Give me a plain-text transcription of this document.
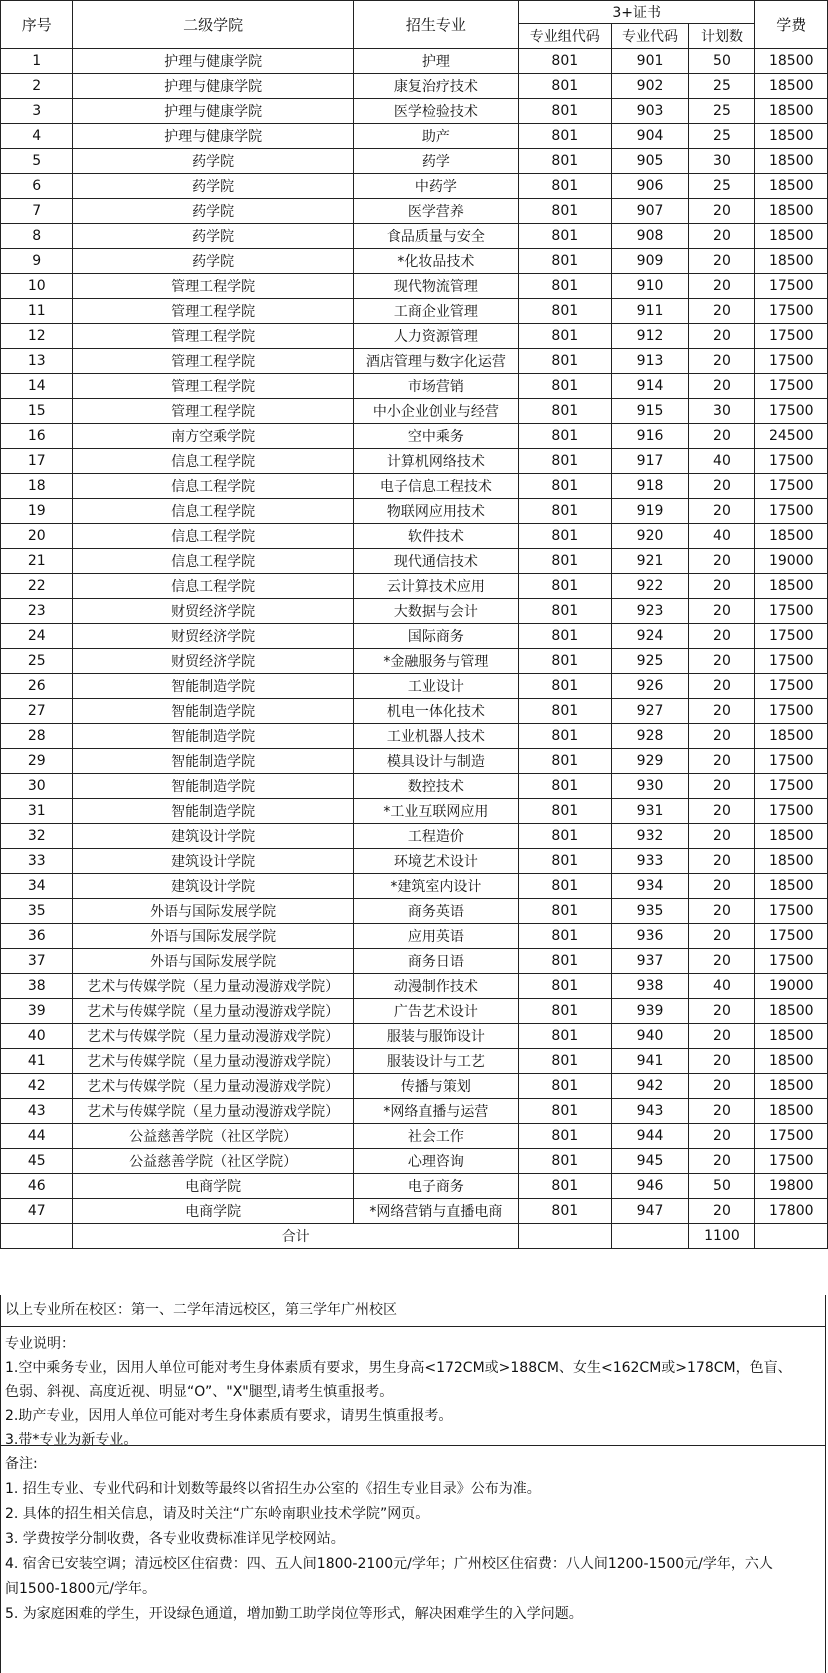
序号	二级学院	招生专业	3+证书			学费
			专业组代码	专业代码	计划数	
1	护理与健康学院	护理	801	901	50	18500
2	护理与健康学院	康复治疗技术	801	902	25	18500
3	护理与健康学院	医学检验技术	801	903	25	18500
4	护理与健康学院	助产	801	904	25	18500
5	药学院	药学	801	905	30	18500
6	药学院	中药学	801	906	25	18500
7	药学院	医学营养	801	907	20	18500
8	药学院	食品质量与安全	801	908	20	18500
9	药学院	*化妆品技术	801	909	20	18500
10	管理工程学院	现代物流管理	801	910	20	17500
11	管理工程学院	工商企业管理	801	911	20	17500
12	管理工程学院	人力资源管理	801	912	20	17500
13	管理工程学院	酒店管理与数字化运营	801	913	20	17500
14	管理工程学院	市场营销	801	914	20	17500
15	管理工程学院	中小企业创业与经营	801	915	30	17500
16	南方空乘学院	空中乘务	801	916	20	24500
17	信息工程学院	计算机网络技术	801	917	40	17500
18	信息工程学院	电子信息工程技术	801	918	20	17500
19	信息工程学院	物联网应用技术	801	919	20	17500
20	信息工程学院	软件技术	801	920	40	18500
21	信息工程学院	现代通信技术	801	921	20	19000
22	信息工程学院	云计算技术应用	801	922	20	18500
23	财贸经济学院	大数据与会计	801	923	20	17500
24	财贸经济学院	国际商务	801	924	20	17500
25	财贸经济学院	*金融服务与管理	801	925	20	17500
26	智能制造学院	工业设计	801	926	20	17500
27	智能制造学院	机电一体化技术	801	927	20	17500
28	智能制造学院	工业机器人技术	801	928	20	18500
29	智能制造学院	模具设计与制造	801	929	20	17500
30	智能制造学院	数控技术	801	930	20	17500
31	智能制造学院	*工业互联网应用	801	931	20	17500
32	建筑设计学院	工程造价	801	932	20	18500
33	建筑设计学院	环境艺术设计	801	933	20	18500
34	建筑设计学院	*建筑室内设计	801	934	20	18500
35	外语与国际发展学院	商务英语	801	935	20	17500
36	外语与国际发展学院	应用英语	801	936	20	17500
37	外语与国际发展学院	商务日语	801	937	20	17500
38	艺术与传媒学院（星力量动漫游戏学院）	动漫制作技术	801	938	40	19000
39	艺术与传媒学院（星力量动漫游戏学院）	广告艺术设计	801	939	20	18500
40	艺术与传媒学院（星力量动漫游戏学院）	服装与服饰设计	801	940	20	18500
41	艺术与传媒学院（星力量动漫游戏学院）	服装设计与工艺	801	941	20	18500
42	艺术与传媒学院（星力量动漫游戏学院）	传播与策划	801	942	20	18500
43	艺术与传媒学院（星力量动漫游戏学院）	*网络直播与运营	801	943	20	18500
44	公益慈善学院（社区学院）	社会工作	801	944	20	17500
45	公益慈善学院（社区学院）	心理咨询	801	945	20	17500
46	电商学院	电子商务	801	946	50	19800
47	电商学院	*网络营销与直播电商	801	947	20	17800
	合计				1100	
以上专业所在校区：第一、二学年清远校区，第三学年广州校区
专业说明：
1.空中乘务专业，因用人单位可能对考生身体素质有要求，男生身高<172CM或>188CM、女生<162CM或>178CM，色盲、
色弱、斜视、高度近视、明显“O”、"X"腿型,请考生慎重报考。
2.助产专业，因用人单位可能对考生身体素质有要求，请男生慎重报考。
3.带*专业为新专业。
备注:
1. 招生专业、专业代码和计划数等最终以省招生办公室的《招生专业目录》公布为准。
2. 具体的招生相关信息，请及时关注“广东岭南职业技术学院”网页。
3. 学费按学分制收费，各专业收费标准详见学校网站。
4. 宿舍已安装空调；清远校区住宿费：四、五人间1800-2100元/学年；广州校区住宿费：八人间1200-1500元/学年，六人
间1500-1800元/学年。
5. 为家庭困难的学生，开设绿色通道，增加勤工助学岗位等形式，解决困难学生的入学问题。
